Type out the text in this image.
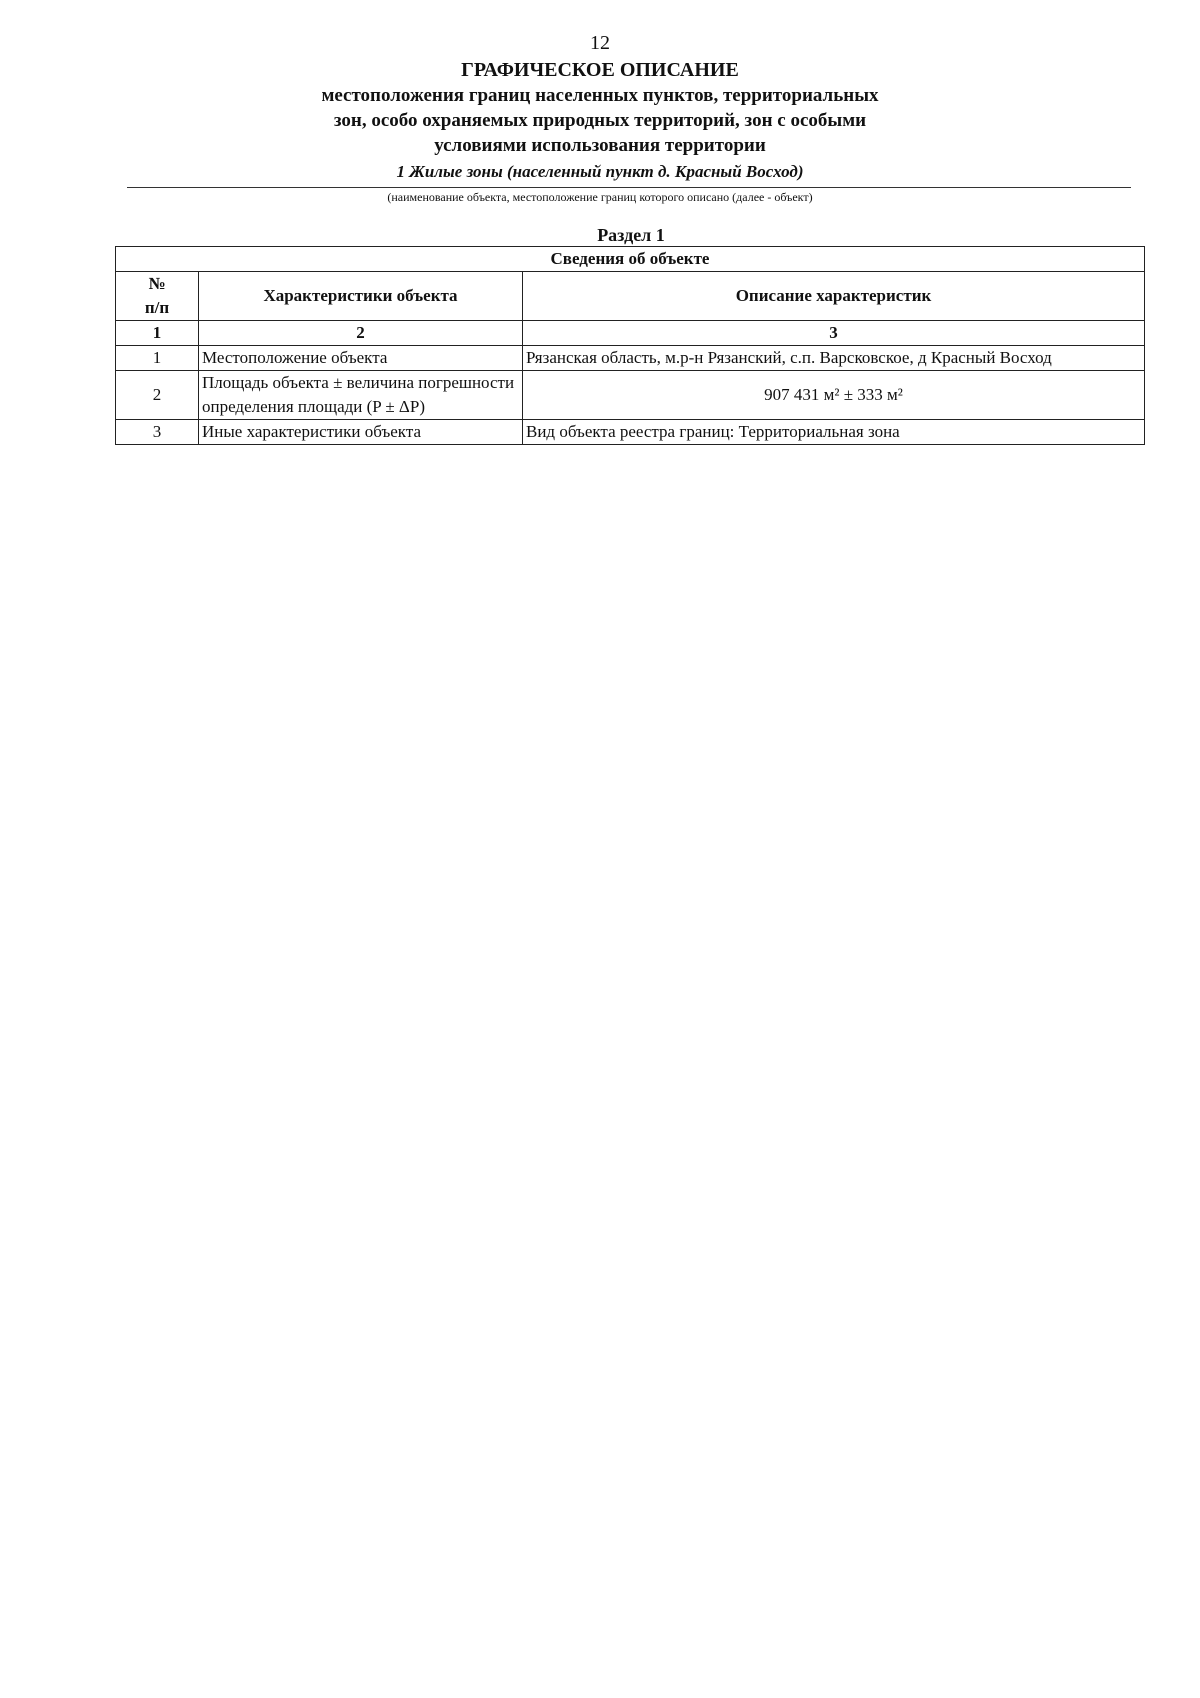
12
ГРАФИЧЕСКОЕ ОПИСАНИЕ
местоположения границ населенных пунктов, территориальных
зон, особо охраняемых природных территорий, зон с особыми
условиями использования территории
1 Жилые зоны (населенный пункт д. Красный Восход)
(наименование объекта, местоположение границ которого описано (далее - объект)
Раздел 1
Сведения об объекте		
№
п/п	Характеристики объекта	Описание характеристик
1	2	3
1	Местоположение объекта	Рязанская область, м.р-н Рязанский, с.п. Варсковское, д Красный Восход
2	Площадь объекта ± величина погрешности определения площади (P ± ΔP)	907 431 м² ± 333 м²
3	Иные характеристики объекта	Вид объекта реестра границ: Территориальная зона
